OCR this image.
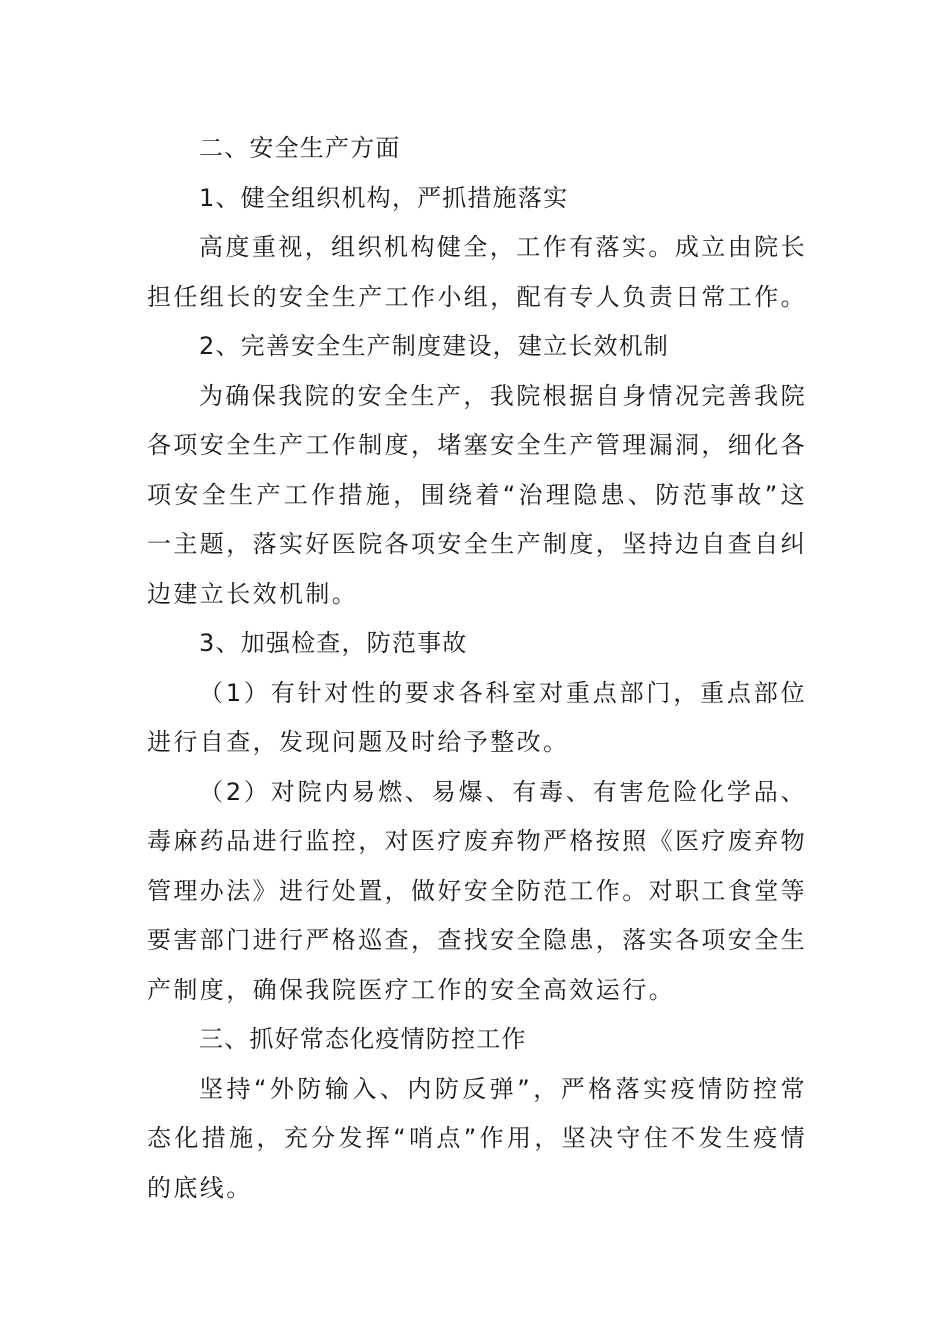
二、安全生产方面

1、健全组织机构，严抓措施落实

高度重视，组织机构健全，工作有落实。成立由院长担任组长的安全生产工作小组，配有专人负责日常工作。

2、完善安全生产制度建设，建立长效机制

为确保我院的安全生产，我院根据自身情况完善我院各项安全生产工作制度，堵塞安全生产管理漏洞，细化各项安全生产工作措施，围绕着“治理隐患、防范事故”这一主题，落实好医院各项安全生产制度，坚持边自查自纠边建立长效机制。

3、加强检查，防范事故

（1）有针对性的要求各科室对重点部门，重点部位进行自查，发现问题及时给予整改。

（2）对院内易燃、易爆、有毒、有害危险化学品、毒麻药品进行监控，对医疗废弃物严格按照《医疗废弃物管理办法》进行处置，做好安全防范工作。对职工食堂等要害部门进行严格巡查，查找安全隐患，落实各项安全生产制度，确保我院医疗工作的安全高效运行。

三、抓好常态化疫情防控工作

坚持“外防输入、内防反弹”，严格落实疫情防控常态化措施，充分发挥“哨点”作用，坚决守住不发生疫情的底线。
